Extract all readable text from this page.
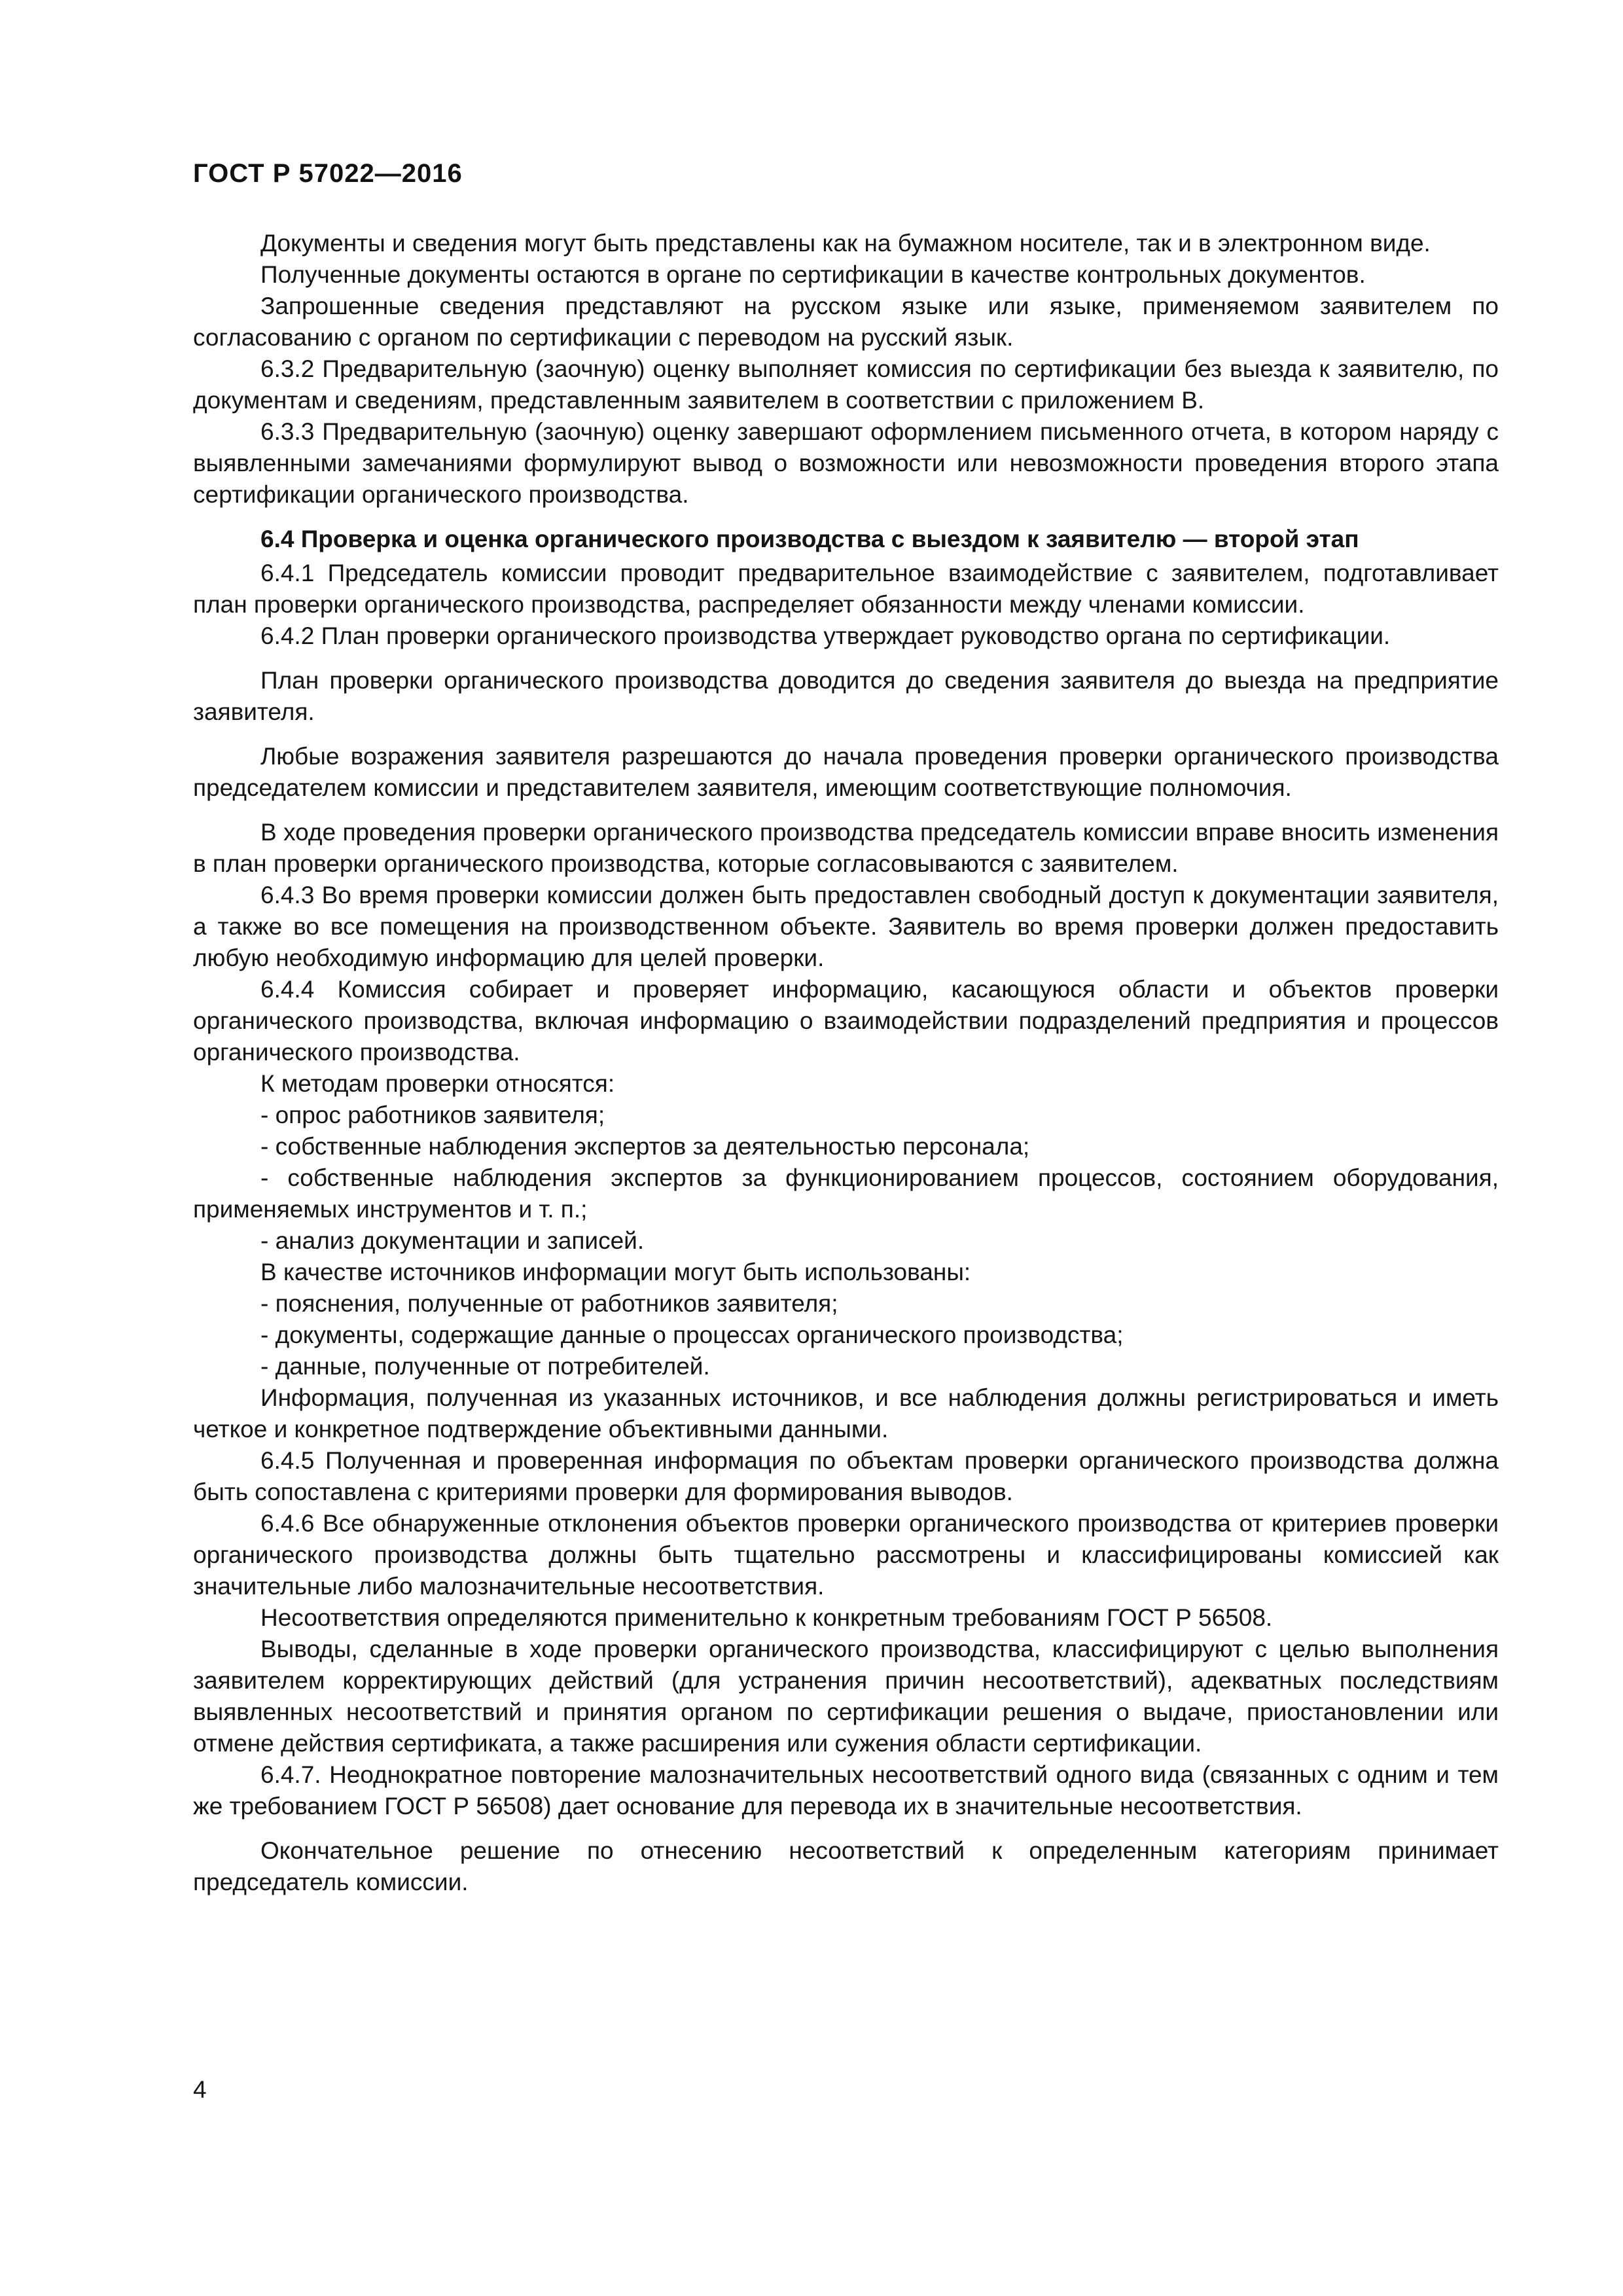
ГОСТ Р 57022—2016

Документы и сведения могут быть представлены как на бумажном носителе, так и в электронном виде.

Полученные документы остаются в органе по сертификации в качестве контрольных документов.

Запрошенные сведения представляют на русском языке или языке, применяемом заявителем по согласованию с органом по сертификации с переводом на русский язык.

6.3.2 Предварительную (заочную) оценку выполняет комиссия по сертификации без выезда к заявителю, по документам и сведениям, представленным заявителем в соответствии с приложением В.

6.3.3 Предварительную (заочную) оценку завершают оформлением письменного отчета, в котором наряду с выявленными замечаниями формулируют вывод о возможности или невозможности проведения второго этапа сертификации органического производства.

6.4 Проверка и оценка органического производства с выездом к заявителю — второй этап

6.4.1 Председатель комиссии проводит предварительное взаимодействие с заявителем, подготавливает план проверки органического производства, распределяет обязанности между членами комиссии.

6.4.2 План проверки органического производства утверждает руководство органа по сертификации.

План проверки органического производства доводится до сведения заявителя до выезда на предприятие заявителя.

Любые возражения заявителя разрешаются до начала проведения проверки органического производства председателем комиссии и представителем заявителя, имеющим соответствующие полномочия.

В ходе проведения проверки органического производства председатель комиссии вправе вносить изменения в план проверки органического производства, которые согласовываются с заявителем.

6.4.3 Во время проверки комиссии должен быть предоставлен свободный доступ к документации заявителя, а также во все помещения на производственном объекте. Заявитель во время проверки должен предоставить любую необходимую информацию для целей проверки.

6.4.4 Комиссия собирает и проверяет информацию, касающуюся области и объектов проверки органического производства, включая информацию о взаимодействии подразделений предприятия и процессов органического производства.

К методам проверки относятся:

- опрос работников заявителя;

- собственные наблюдения экспертов за деятельностью персонала;

- собственные наблюдения экспертов за функционированием процессов, состоянием оборудования, применяемых инструментов и т. п.;

- анализ документации и записей.

В качестве источников информации могут быть использованы:

- пояснения, полученные от работников заявителя;

- документы, содержащие данные о процессах органического производства;

- данные, полученные от потребителей.

Информация, полученная из указанных источников, и все наблюдения должны регистрироваться и иметь четкое и конкретное подтверждение объективными данными.

6.4.5 Полученная и проверенная информация по объектам проверки органического производства должна быть сопоставлена с критериями проверки для формирования выводов.

6.4.6 Все обнаруженные отклонения объектов проверки органического производства от критериев проверки органического производства должны быть тщательно рассмотрены и классифицированы комиссией как значительные либо малозначительные несоответствия.

Несоответствия определяются применительно к конкретным требованиям ГОСТ Р 56508.

Выводы, сделанные в ходе проверки органического производства, классифицируют с целью выполнения заявителем корректирующих действий (для устранения причин несоответствий), адекватных последствиям выявленных несоответствий и принятия органом по сертификации решения о выдаче, приостановлении или отмене действия сертификата, а также расширения или сужения области сертификации.

6.4.7. Неоднократное повторение малозначительных несоответствий одного вида (связанных с одним и тем же требованием ГОСТ Р 56508) дает основание для перевода их в значительные несоответствия.

Окончательное решение по отнесению несоответствий к определенным категориям принимает председатель комиссии.

4
